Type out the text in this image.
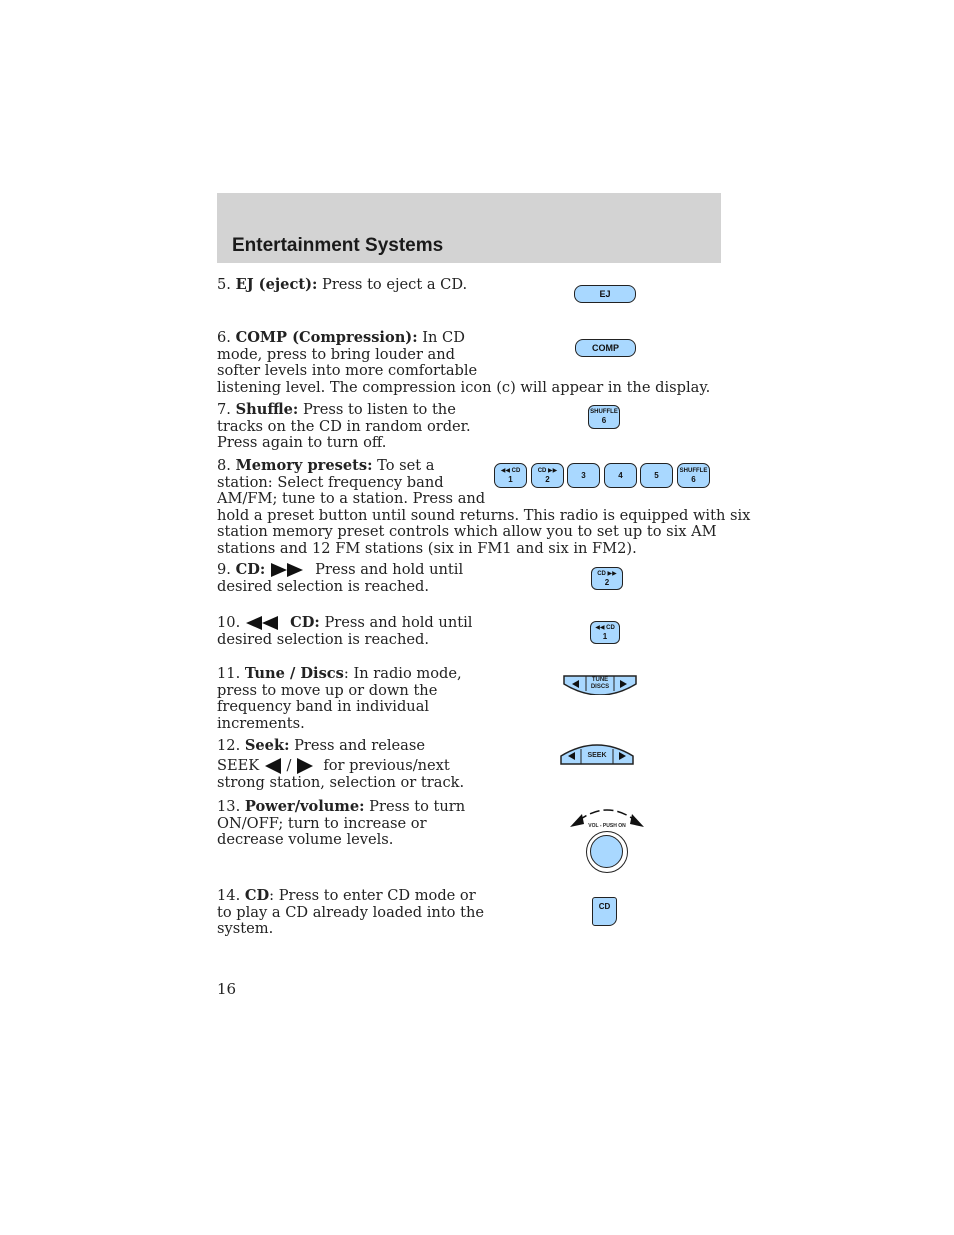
Entertainment Systems
5. EJ (eject): Press to eject a CD.
EJ
6. COMP (Compression): In CD
mode, press to bring louder and
softer levels into more comfortable
listening level. The compression icon (c) will appear in the display.
COMP
7. Shuffle: Press to listen to the
tracks on the CD in random order.
Press again to turn off.
SHUFFLE
6
8. Memory presets: To set a
station: Select frequency band
AM/FM; tune to a station. Press and
hold a preset button until sound returns. This radio is equipped with six
station memory preset controls which allow you to set up to six AM
stations and 12 FM stations (six in FM1 and six in FM2).
◀◀ CD
1
CD ▶▶
2	3	4	5
SHUFFLE
6
9. CD:	Press and hold until
desired selection is reached.
CD ▶▶
2
10.	CD: Press and hold until
desired selection is reached.
◀◀ CD
1
11. Tune / Discs: In radio mode,
press to move up or down the
frequency band in individual
increments.
TUNE
DISCS
12. Seek: Press and release
SEEK / for previous/next
strong station, selection or track.
SEEK
13. Power/volume: Press to turn
ON/OFF; turn to increase or
decrease volume levels.
VOL - PUSH ON
14. CD: Press to enter CD mode or
to play a CD already loaded into the
system.
CD
16
